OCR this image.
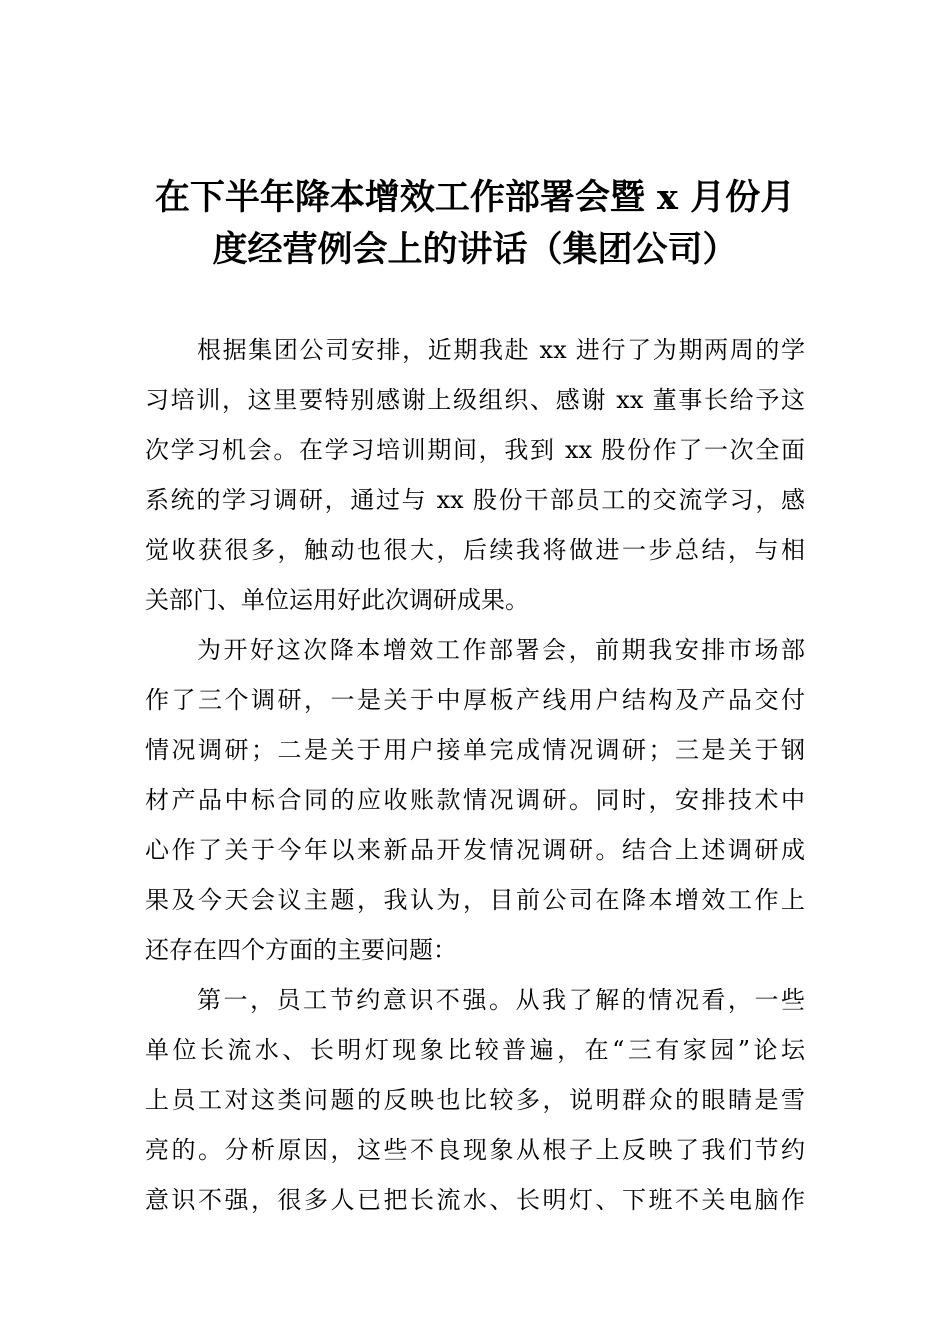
在下半年降本增效工作部署会暨 x 月份月
度经营例会上的讲话（集团公司）

根据集团公司安排，近期我赴 xx 进行了为期两周的学
习培训，这里要特别感谢上级组织、感谢 xx 董事长给予这
次学习机会。在学习培训期间，我到 xx 股份作了一次全面
系统的学习调研，通过与 xx 股份干部员工的交流学习，感
觉收获很多，触动也很大，后续我将做进一步总结，与相
关部门、单位运用好此次调研成果。

为开好这次降本增效工作部署会，前期我安排市场部
作了三个调研，一是关于中厚板产线用户结构及产品交付
情况调研；二是关于用户接单完成情况调研；三是关于钢
材产品中标合同的应收账款情况调研。同时，安排技术中
心作了关于今年以来新品开发情况调研。结合上述调研成
果及今天会议主题，我认为，目前公司在降本增效工作上
还存在四个方面的主要问题：

第一，员工节约意识不强。从我了解的情况看，一些
单位长流水、长明灯现象比较普遍，在“三有家园”论坛
上员工对这类问题的反映也比较多，说明群众的眼睛是雪
亮的。分析原因，这些不良现象从根子上反映了我们节约
意识不强，很多人已把长流水、长明灯、下班不关电脑作
